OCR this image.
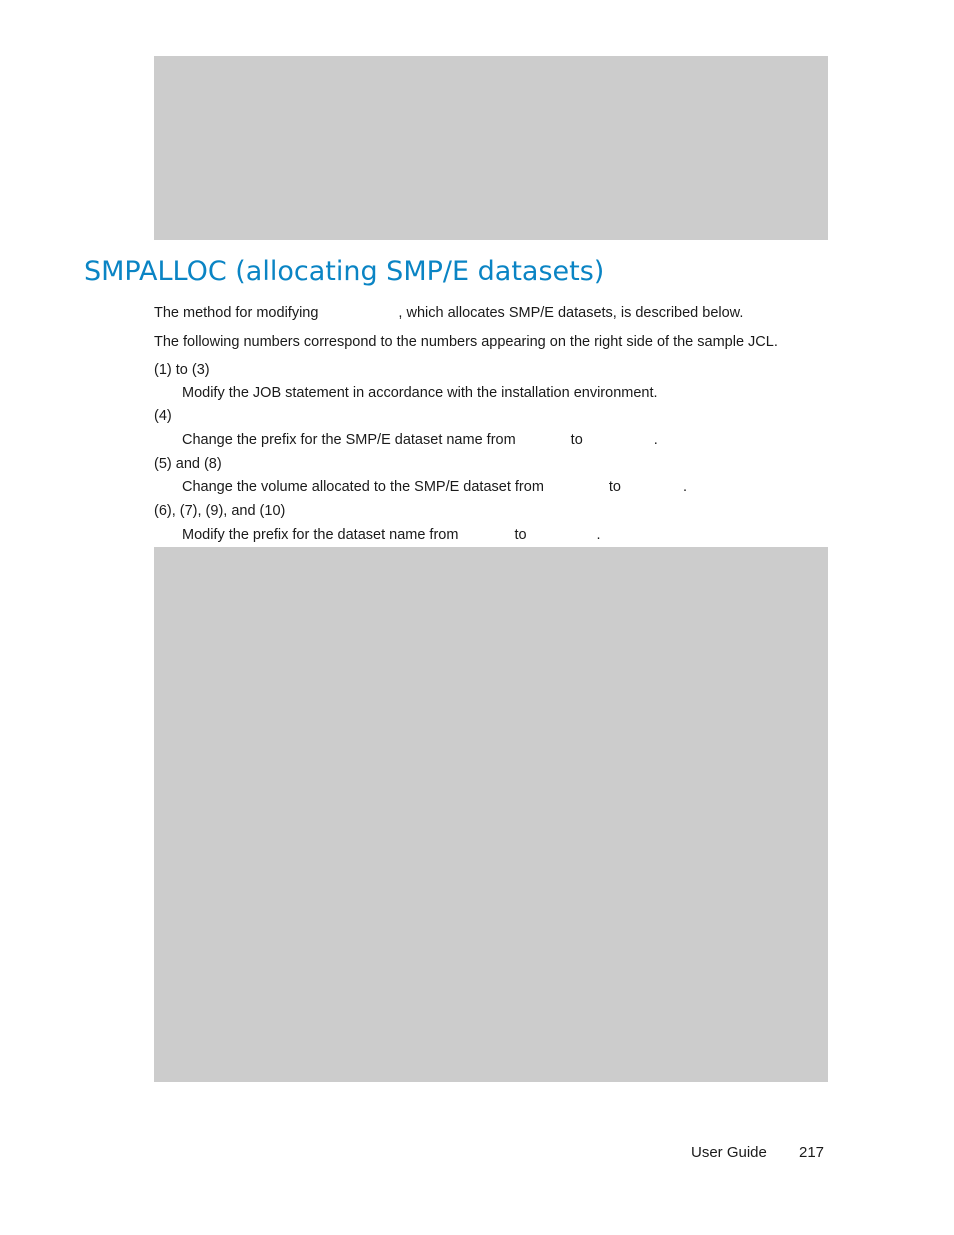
SMPALLOC (allocating SMP/E datasets)
The method for modifying	, which allocates SMP/E datasets, is described below.
The following numbers correspond to the numbers appearing on the right side of the sample JCL.
(1) to (3)
Modify the JOB statement in accordance with the installation environment.
(4)
Change the prefix for the SMP/E dataset name from	to	.
(5) and (8)
Change the volume allocated to the SMP/E dataset from	to	.
(6), (7), (9), and (10)
Modify the prefix for the dataset name from	to	.
User Guide 217
